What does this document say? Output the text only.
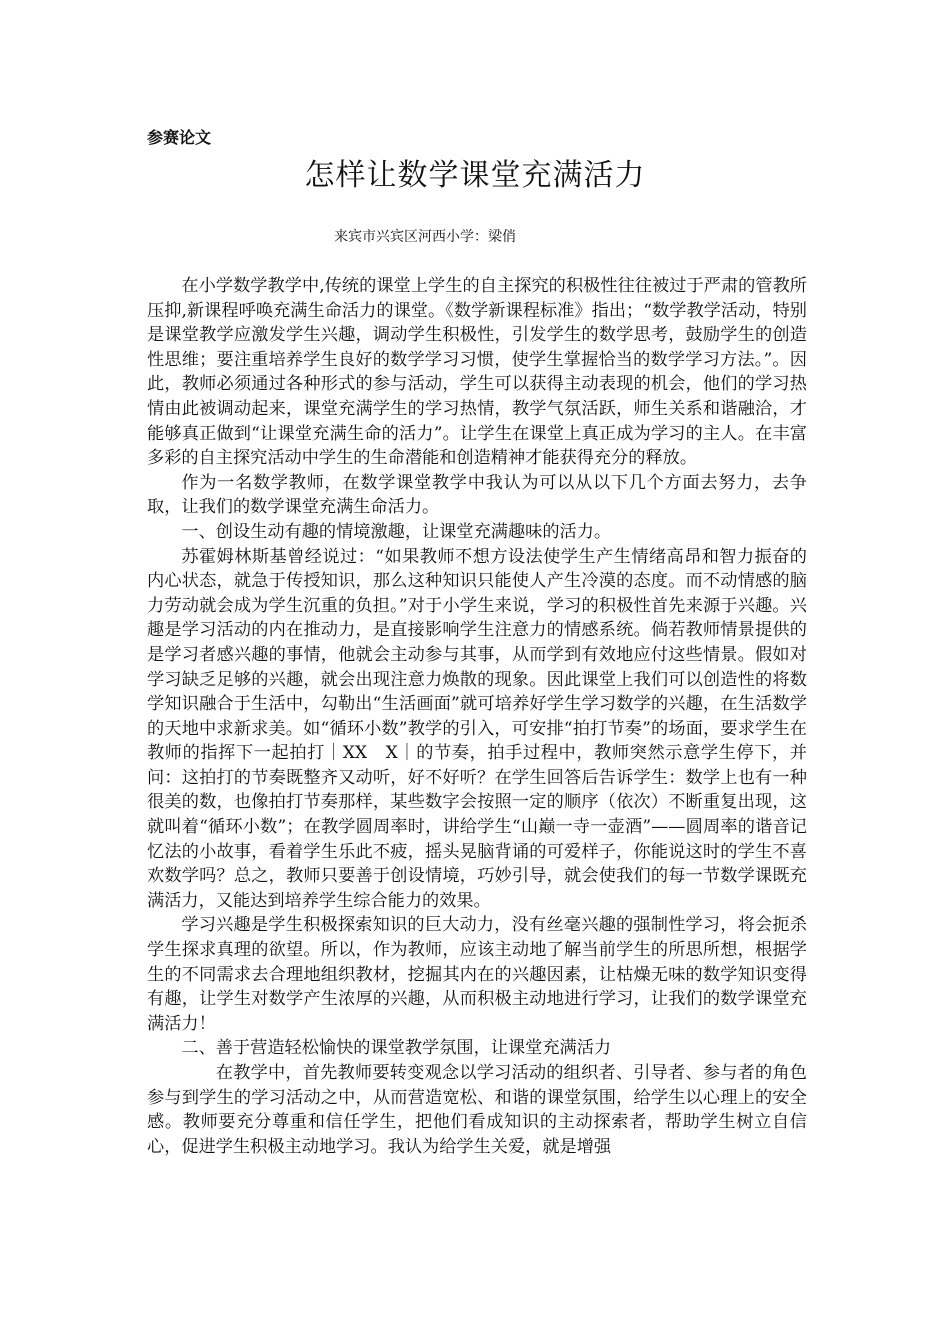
参赛论文
怎样让数学课堂充满活力
来宾市兴宾区河西小学：梁俏

在小学数学教学中,传统的课堂上学生的自主探究的积极性往往被过于严肃的管教所压抑,新课程呼唤充满生命活力的课堂。《数学新课程标准》指出；“数学教学活动，特别是课堂教学应激发学生兴趣，调动学生积极性，引发学生的数学思考，鼓励学生的创造性思维；要注重培养学生良好的数学学习习惯，使学生掌握恰当的数学学习方法。”。因此，教师必须通过各种形式的参与活动，学生可以获得主动表现的机会，他们的学习热情由此被调动起来，课堂充满学生的学习热情，教学气氛活跃，师生关系和谐融洽，才能够真正做到“让课堂充满生命的活力”。让学生在课堂上真正成为学习的主人。在丰富多彩的自主探究活动中学生的生命潜能和创造精神才能获得充分的释放。

作为一名数学教师，在数学课堂教学中我认为可以从以下几个方面去努力，去争取，让我们的数学课堂充满生命活力。

一、创设生动有趣的情境激趣，让课堂充满趣味的活力。

苏霍姆林斯基曾经说过：“如果教师不想方设法使学生产生情绪高昂和智力振奋的内心状态，就急于传授知识，那么这种知识只能使人产生冷漠的态度。而不动情感的脑力劳动就会成为学生沉重的负担。”对于小学生来说，学习的积极性首先来源于兴趣。兴趣是学习活动的内在推动力，是直接影响学生注意力的情感系统。倘若教师情景提供的是学习者感兴趣的事情，他就会主动参与其事，从而学到有效地应付这些情景。假如对学习缺乏足够的兴趣，就会出现注意力焕散的现象。因此课堂上我们可以创造性的将数学知识融合于生活中，勾勒出“生活画面”就可培养好学生学习数学的兴趣，在生活数学的天地中求新求美。如“循环小数”教学的引入，可安排“拍打节奏”的场面，要求学生在教师的指挥下一起拍打｜XX　X｜的节奏，拍手过程中，教师突然示意学生停下，并问：这拍打的节奏既整齐又动听，好不好听？在学生回答后告诉学生：数学上也有一种很美的数，也像拍打节奏那样，某些数字会按照一定的顺序（依次）不断重复出现，这就叫着“循环小数”；在教学圆周率时，讲给学生“山巅一寺一壶酒”——圆周率的谐音记忆法的小故事，看着学生乐此不疲，摇头晃脑背诵的可爱样子，你能说这时的学生不喜欢数学吗？总之，教师只要善于创设情境，巧妙引导，就会使我们的每一节数学课既充满活力，又能达到培养学生综合能力的效果。

学习兴趣是学生积极探索知识的巨大动力，没有丝毫兴趣的强制性学习，将会扼杀学生探求真理的欲望。所以，作为教师，应该主动地了解当前学生的所思所想，根据学生的不同需求去合理地组织教材，挖掘其内在的兴趣因素，让枯燥无味的数学知识变得有趣，让学生对数学产生浓厚的兴趣，从而积极主动地进行学习，让我们的数学课堂充满活力！

二、善于营造轻松愉快的课堂教学氛围，让课堂充满活力

在教学中，首先教师要转变观念以学习活动的组织者、引导者、参与者的角色参与到学生的学习活动之中，从而营造宽松、和谐的课堂氛围，给学生以心理上的安全感。教师要充分尊重和信任学生，把他们看成知识的主动探索者，帮助学生树立自信心，促进学生积极主动地学习。我认为给学生关爱，就是增强
